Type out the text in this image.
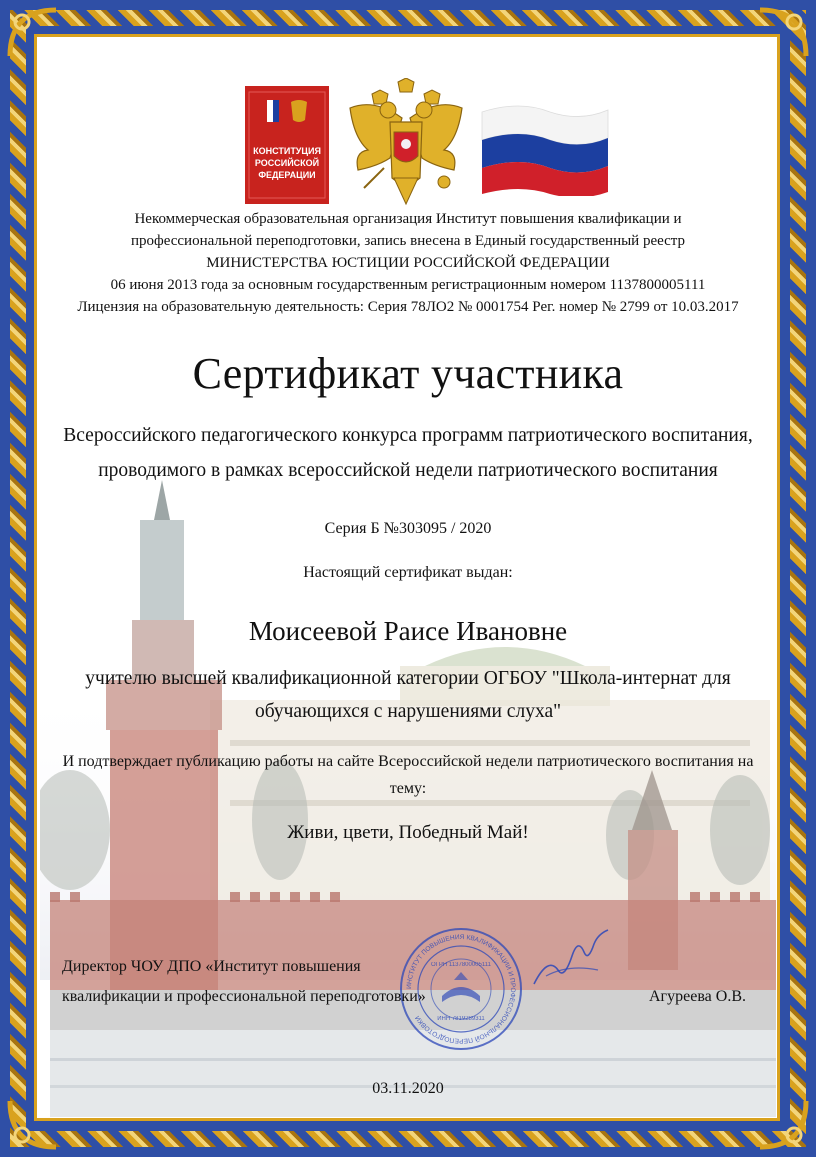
КОНСТИТУЦИЯ
РОССИЙСКОЙ
ФЕДЕРАЦИИ
Некоммерческая образовательная организация Институт повышения квалификации и
профессиональной переподготовки, запись внесена в Единый государственный реестр
МИНИСТЕРСТВА ЮСТИЦИИ РОССИЙСКОЙ ФЕДЕРАЦИИ
06 июня 2013 года за основным государственным регистрационным номером 1137800005111
Лицензия на образовательную деятельность: Серия 78ЛО2 № 0001754 Рег. номер № 2799 от 10.03.2017
Сертификат участника
Всероссийского педагогического конкурса программ патриотического воспитания, проводимого в рамках всероссийской недели патриотического воспитания
Серия Б №303095 / 2020
Настоящий сертификат выдан:
Моисеевой Раисе Ивановне
учителю высшей квалификационной категории ОГБОУ "Школа-интернат для обучающихся с нарушениями слуха"
И подтверждает публикацию работы на сайте Всероссийской недели патриотического воспитания на тему:
Живи, цвети, Победный Май!
ИНСТИТУТ ПОВЫШЕНИЯ КВАЛИФИКАЦИИ И ПРОФЕССИОНАЛЬНОЙ ПЕРЕПОДГОТОВКИ
ОГРН 1137800005111
ИНН 7819289311
Директор ЧОУ ДПО «Институт повышения
квалификации и профессиональной переподготовки»	Агуреева О.В.
03.11.2020
